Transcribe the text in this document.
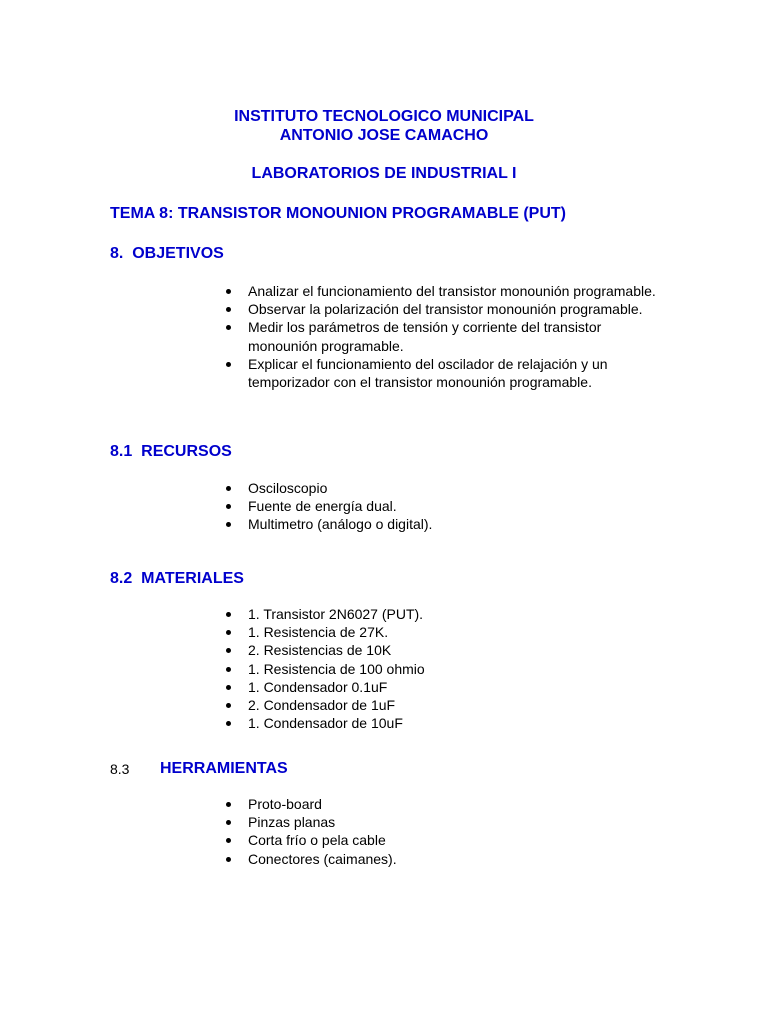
INSTITUTO TECNOLOGICO MUNICIPAL
ANTONIO JOSE CAMACHO
LABORATORIOS DE INDUSTRIAL I
TEMA 8: TRANSISTOR MONOUNION PROGRAMABLE (PUT)
8. OBJETIVOS
Analizar el funcionamiento del transistor monounión programable.
Observar la polarización del transistor monounión programable.
Medir los parámetros de tensión y corriente del transistor monounión programable.
Explicar el funcionamiento del oscilador de relajación y un temporizador con el transistor monounión programable.
8.1 RECURSOS
Osciloscopio
Fuente de energía dual.
Multimetro (análogo o digital).
8.2 MATERIALES
1. Transistor 2N6027 (PUT).
1. Resistencia de 27K.
2. Resistencias de 10K
1. Resistencia de 100 ohmio
1. Condensador 0.1uF
2. Condensador de 1uF
1. Condensador de 10uF
8.3 HERRAMIENTAS
Proto-board
Pinzas planas
Corta frío o pela cable
Conectores (caimanes).
